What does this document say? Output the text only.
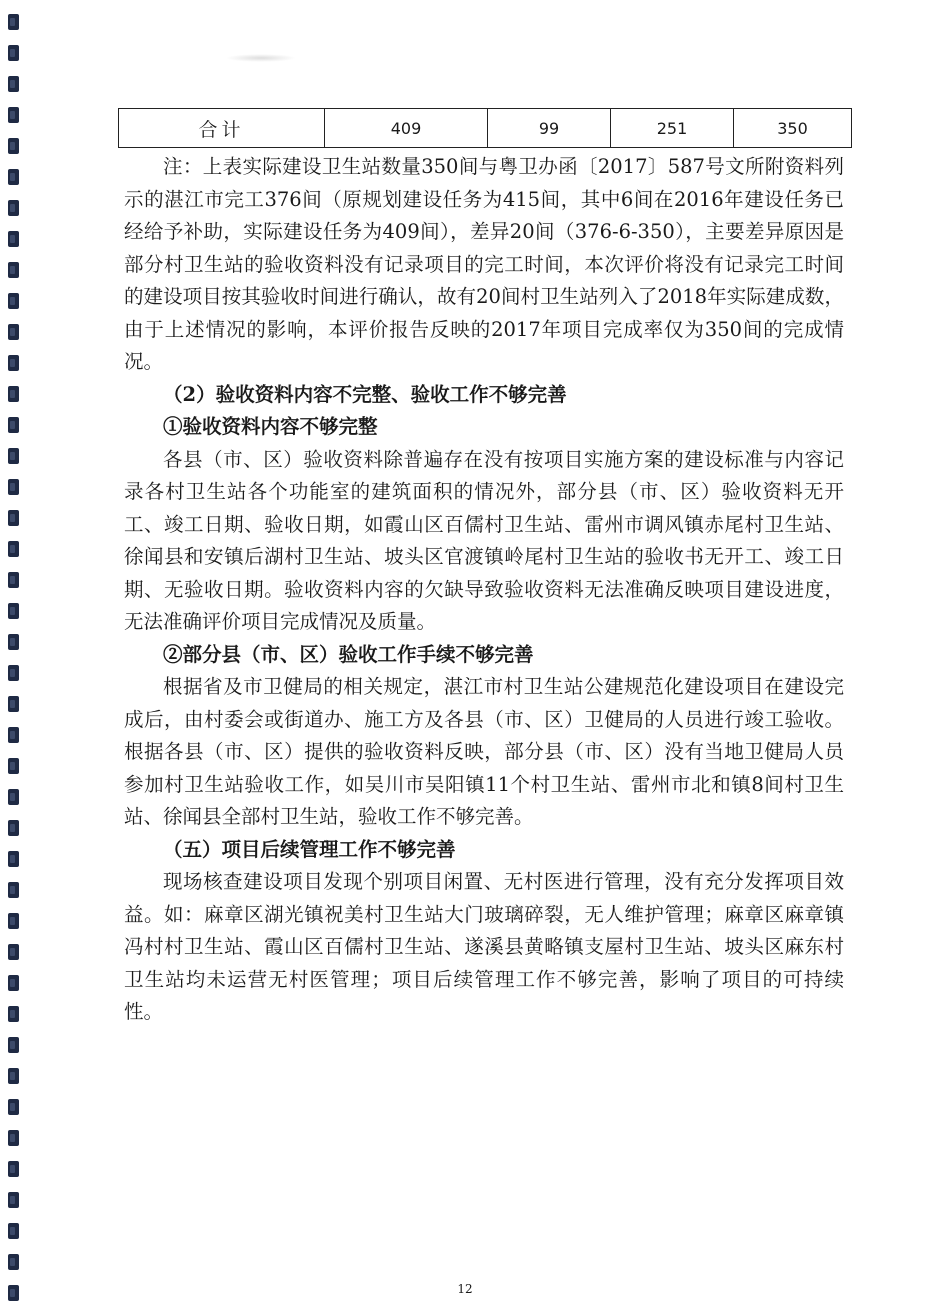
合计	409	99	251	350

注：上表实际建设卫生站数量350间与粤卫办函〔2017〕587号文所附资料列示的湛江市完工376间（原规划建设任务为415间，其中6间在2016年建设任务已经给予补助，实际建设任务为409间），差异20间（376-6-350），主要差异原因是部分村卫生站的验收资料没有记录项目的完工时间，本次评价将没有记录完工时间的建设项目按其验收时间进行确认，故有20间村卫生站列入了2018年实际建成数，由于上述情况的影响，本评价报告反映的2017年项目完成率仅为350间的完成情况。

（2）验收资料内容不完整、验收工作不够完善

①验收资料内容不够完整

各县（市、区）验收资料除普遍存在没有按项目实施方案的建设标准与内容记录各村卫生站各个功能室的建筑面积的情况外，部分县（市、区）验收资料无开工、竣工日期、验收日期，如霞山区百儒村卫生站、雷州市调风镇赤尾村卫生站、徐闻县和安镇后湖村卫生站、坡头区官渡镇岭尾村卫生站的验收书无开工、竣工日期、无验收日期。验收资料内容的欠缺导致验收资料无法准确反映项目建设进度，无法准确评价项目完成情况及质量。

②部分县（市、区）验收工作手续不够完善

根据省及市卫健局的相关规定，湛江市村卫生站公建规范化建设项目在建设完成后，由村委会或街道办、施工方及各县（市、区）卫健局的人员进行竣工验收。根据各县（市、区）提供的验收资料反映，部分县（市、区）没有当地卫健局人员参加村卫生站验收工作，如吴川市吴阳镇11个村卫生站、雷州市北和镇8间村卫生站、徐闻县全部村卫生站，验收工作不够完善。

（五）项目后续管理工作不够完善

现场核查建设项目发现个别项目闲置、无村医进行管理，没有充分发挥项目效益。如：麻章区湖光镇祝美村卫生站大门玻璃碎裂，无人维护管理；麻章区麻章镇冯村村卫生站、霞山区百儒村卫生站、遂溪县黄略镇支屋村卫生站、坡头区麻东村卫生站均未运营无村医管理；项目后续管理工作不够完善，影响了项目的可持续性。

12
